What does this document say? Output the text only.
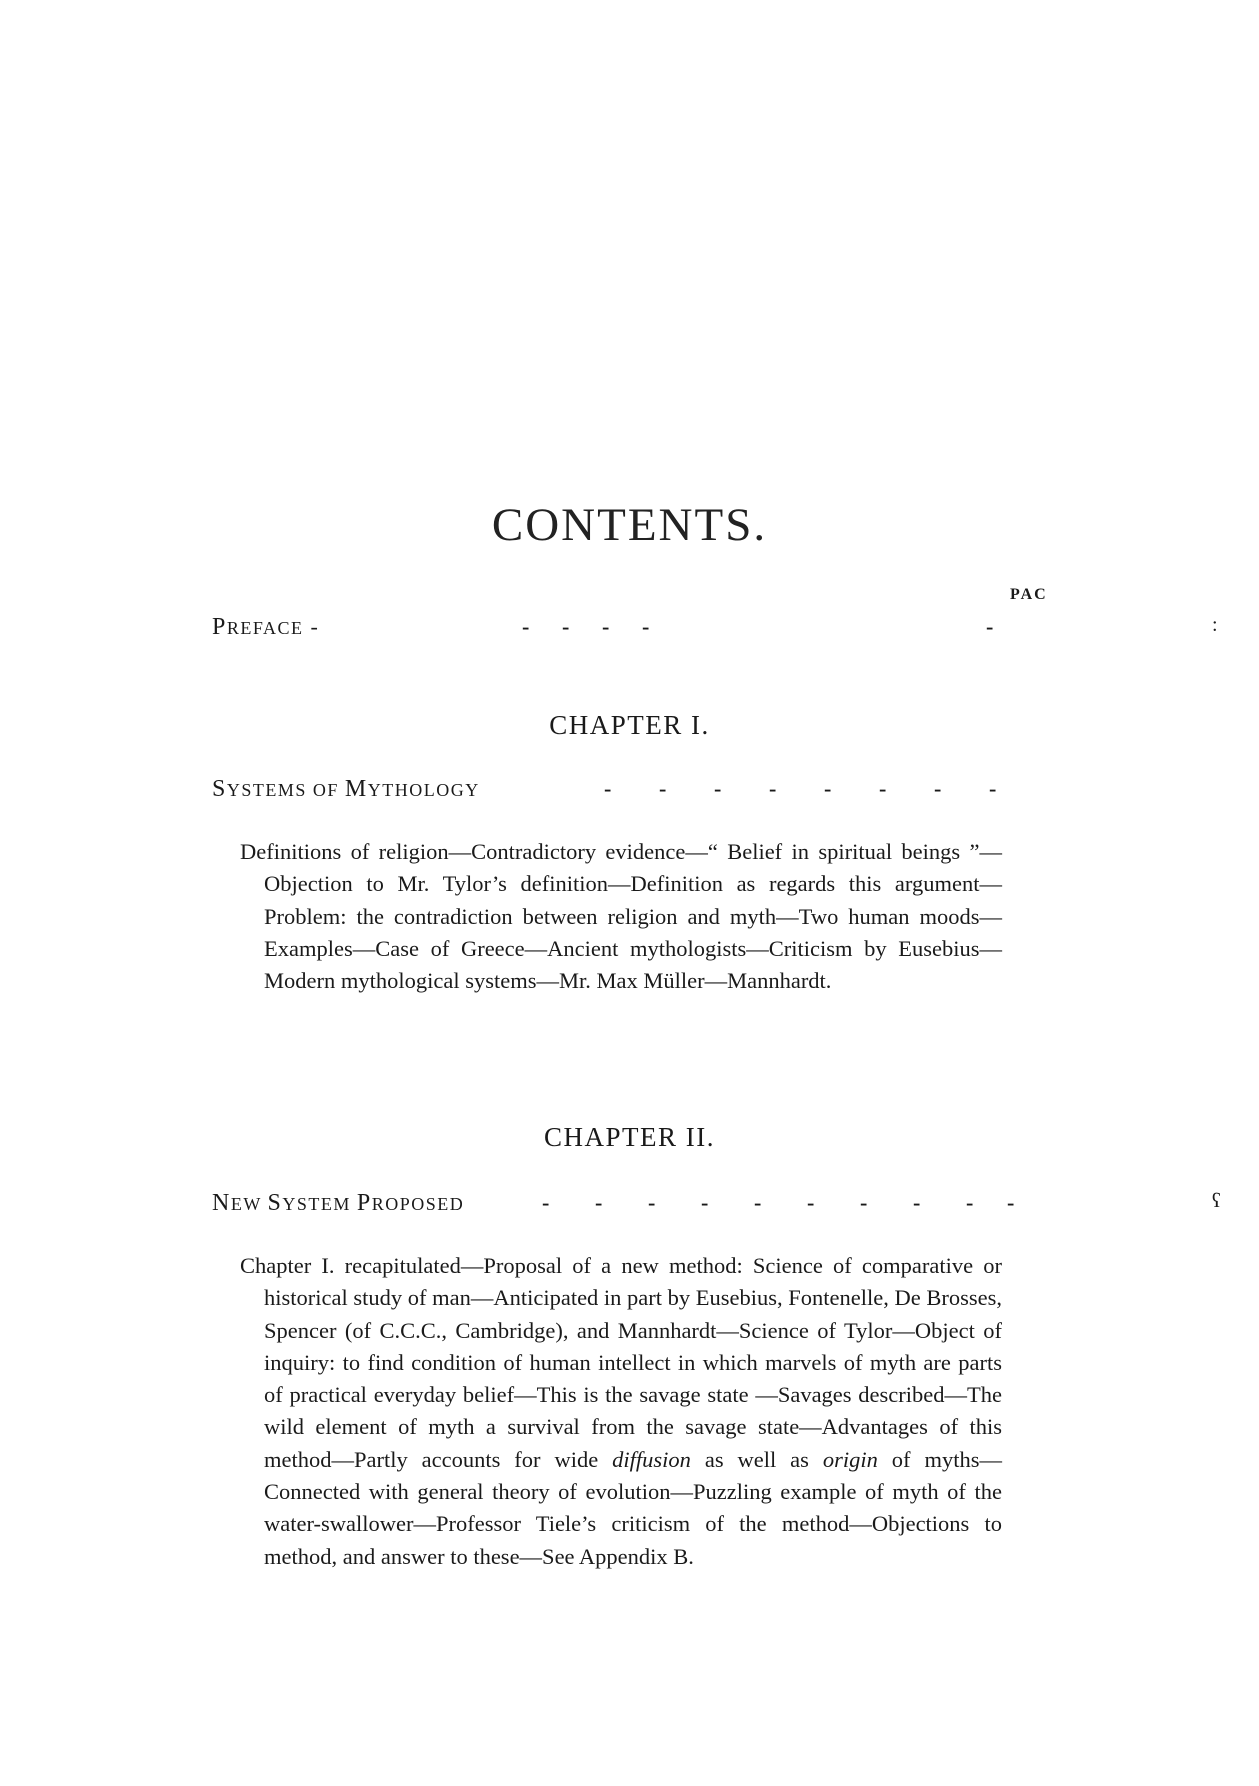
CONTENTS.
PAC
PREFACE -	- - - -	-	:
CHAPTER I.
SYSTEMS OF MYTHOLOGY	- - - - - - - -
Definitions of religion—Contradictory evidence—“ Belief in spiritual beings ”—Objection to Mr. Tylor’s definition—Definition as regards this argument—Problem: the contradiction between religion and myth—Two human moods—Examples—Case of Greece—Ancient mythologists—Criticism by Eusebius—Modern mythological systems—Mr. Max Müller—Mannhardt.
CHAPTER II.
NEW SYSTEM PROPOSED	- - - - - - - - - -	ʕ
Chapter I. recapitulated—Proposal of a new method: Science of comparative or historical study of man—Anticipated in part by Eusebius, Fontenelle, De Brosses, Spencer (of C.C.C., Cambridge), and Mannhardt—Science of Tylor—Object of inquiry: to find condition of human intellect in which marvels of myth are parts of practical everyday belief—This is the savage state —Savages described—The wild element of myth a survival from the savage state—Advantages of this method—Partly accounts for wide diffusion as well as origin of myths—Connected with general theory of evolution—Puzzling example of myth of the water-swallower—Professor Tiele’s criticism of the method—Objections to method, and answer to these—See Appendix B.
